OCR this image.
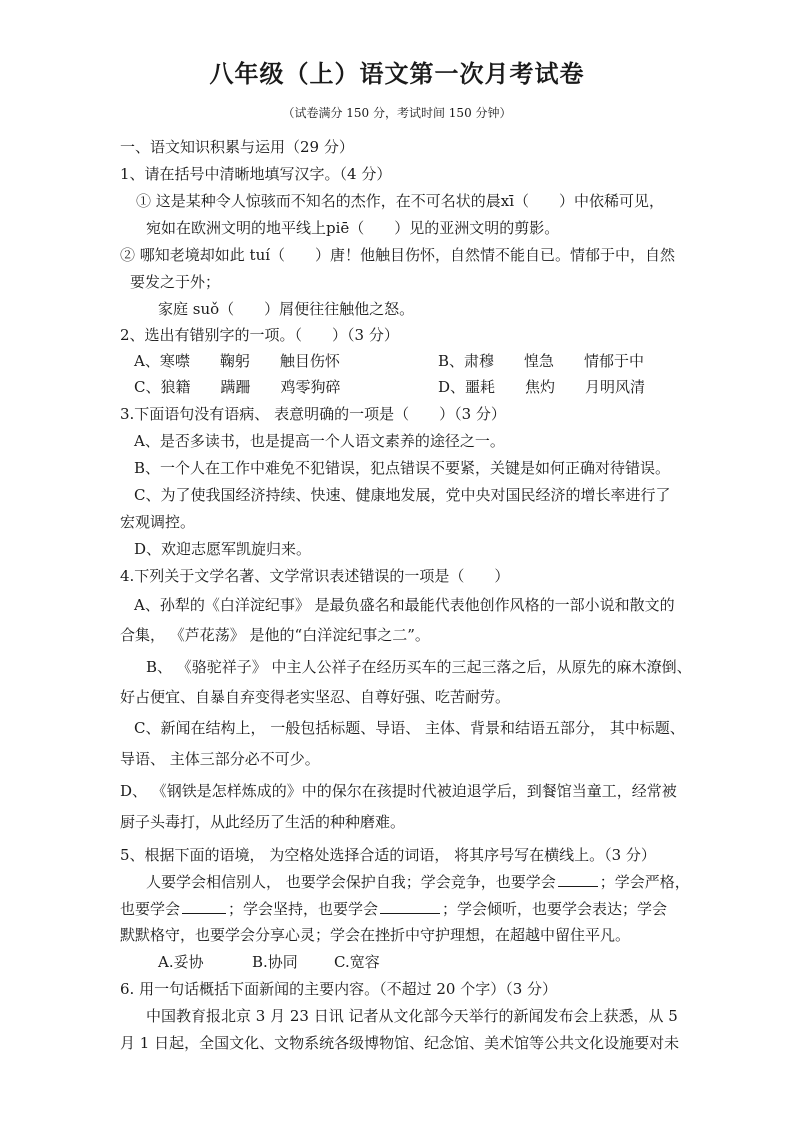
八年级（上）语文第一次月考试卷
（试卷满分 150 分，考试时间 150 分钟）
一、语文知识积累与运用（29 分）
1、请在括号中清晰地填写汉字。（4 分）
① 这是某种令人惊骇而不知名的杰作，在不可名状的晨xī（　　）中依稀可见，
宛如在欧洲文明的地平线上piē（　　）见的亚洲文明的剪影。
② 哪知老境却如此 tuí（　　）唐！他触目伤怀，自然情不能自已。情郁于中，自然
要发之于外；
家庭 suǒ（　　）屑便往往触他之怒。
2、选出有错别字的一项。（　　）（3 分）
A、寒噤　　鞠躬　　触目伤怀	B、肃穆　　惶急　　情郁于中
C、狼籍　　蹒跚　　鸡零狗碎	D、噩耗　　焦灼　　月明风清
3.下面语句没有语病、 表意明确的一项是（　　）（3 分）
A、是否多读书，也是提高一个人语文素养的途径之一。
B、一个人在工作中难免不犯错误，犯点错误不要紧，关键是如何正确对待错误。
C、为了使我国经济持续、快速、健康地发展，党中央对国民经济的增长率进行了
宏观调控。
D、欢迎志愿军凯旋归来。
4.下列关于文学名著、文学常识表述错误的一项是（　　）
A、孙犁的《白洋淀纪事》 是最负盛名和最能代表他创作风格的一部小说和散文的
合集， 《芦花荡》 是他的“白洋淀纪事之二”。
B、 《骆驼祥子》 中主人公祥子在经历买车的三起三落之后，从原先的麻木潦倒、
好占便宜、自暴自弃变得老实坚忍、自尊好强、吃苦耐劳。
C、新闻在结构上， 一般包括标题、导语、 主体、背景和结语五部分， 其中标题、
导语、 主体三部分必不可少。
D、 《钢铁是怎样炼成的》中的保尔在孩提时代被迫退学后，到餐馆当童工，经常被
厨子头毒打，从此经历了生活的种种磨难。
5、根据下面的语境， 为空格处选择合适的词语， 将其序号写在横线上。（3 分）
人要学会相信别人， 也要学会保护自我；学会竞争，也要学会	；学会严格，
也要学会	；学会坚持，也要学会	；学会倾听，也要学会表达；学会
默默格守，也要学会分享心灵；学会在挫折中守护理想，在超越中留住平凡。
A.妥协	B.协同 C.宽容
6. 用一句话概括下面新闻的主要内容。（不超过 20 个字）（3 分）
中国教育报北京 3 月 23 日讯 记者从文化部今天举行的新闻发布会上获悉，从 5
月 1 日起，全国文化、文物系统各级博物馆、纪念馆、美术馆等公共文化设施要对未
